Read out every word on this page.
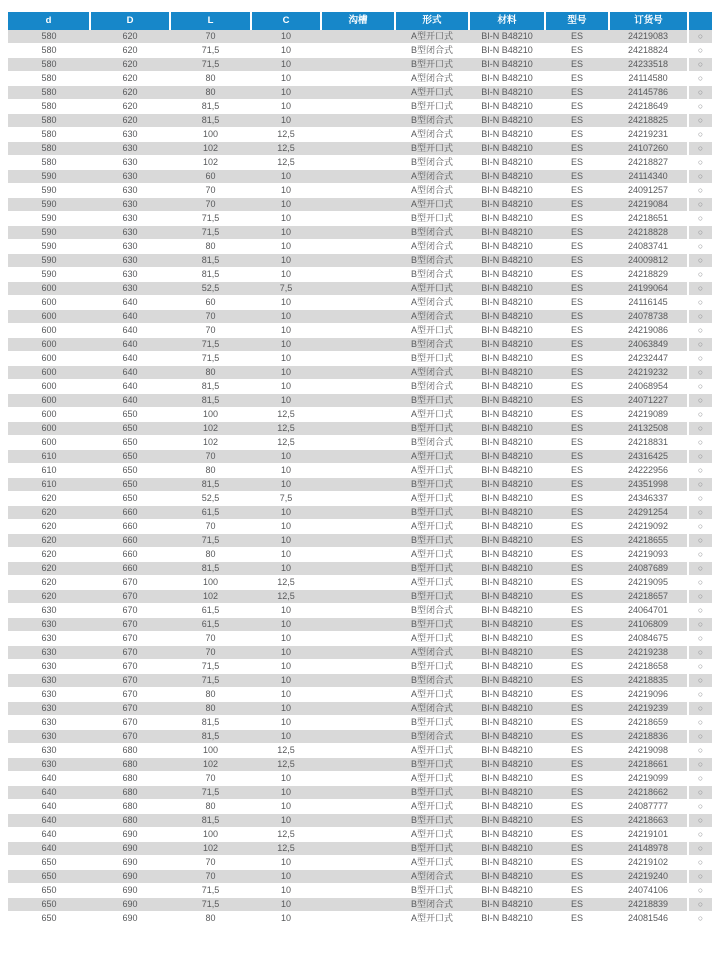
d	D	L	C	沟槽	形式	材料	型号	订货号	
580	620	70	10		A型开口式	BI-N B48210	ES	24219083	○
580	620	71,5	10		B型闭合式	BI-N B48210	ES	24218824	○
580	620	71,5	10		B型开口式	BI-N B48210	ES	24233518	○
580	620	80	10		A型闭合式	BI-N B48210	ES	24114580	○
580	620	80	10		A型开口式	BI-N B48210	ES	24145786	○
580	620	81,5	10		B型开口式	BI-N B48210	ES	24218649	○
580	620	81,5	10		B型闭合式	BI-N B48210	ES	24218825	○
580	630	100	12,5		A型闭合式	BI-N B48210	ES	24219231	○
580	630	102	12,5		B型开口式	BI-N B48210	ES	24107260	○
580	630	102	12,5		B型闭合式	BI-N B48210	ES	24218827	○
590	630	60	10		A型闭合式	BI-N B48210	ES	24114340	○
590	630	70	10		A型闭合式	BI-N B48210	ES	24091257	○
590	630	70	10		A型开口式	BI-N B48210	ES	24219084	○
590	630	71,5	10		B型开口式	BI-N B48210	ES	24218651	○
590	630	71,5	10		B型闭合式	BI-N B48210	ES	24218828	○
590	630	80	10		A型闭合式	BI-N B48210	ES	24083741	○
590	630	81,5	10		B型闭合式	BI-N B48210	ES	24009812	○
590	630	81,5	10		B型闭合式	BI-N B48210	ES	24218829	○
600	630	52,5	7,5		A型开口式	BI-N B48210	ES	24199064	○
600	640	60	10		A型闭合式	BI-N B48210	ES	24116145	○
600	640	70	10		A型闭合式	BI-N B48210	ES	24078738	○
600	640	70	10		A型开口式	BI-N B48210	ES	24219086	○
600	640	71,5	10		B型闭合式	BI-N B48210	ES	24063849	○
600	640	71,5	10		B型开口式	BI-N B48210	ES	24232447	○
600	640	80	10		A型闭合式	BI-N B48210	ES	24219232	○
600	640	81,5	10		B型闭合式	BI-N B48210	ES	24068954	○
600	640	81,5	10		B型开口式	BI-N B48210	ES	24071227	○
600	650	100	12,5		A型开口式	BI-N B48210	ES	24219089	○
600	650	102	12,5		B型开口式	BI-N B48210	ES	24132508	○
600	650	102	12,5		B型闭合式	BI-N B48210	ES	24218831	○
610	650	70	10		A型开口式	BI-N B48210	ES	24316425	○
610	650	80	10		A型开口式	BI-N B48210	ES	24222956	○
610	650	81,5	10		B型开口式	BI-N B48210	ES	24351998	○
620	650	52,5	7,5		A型开口式	BI-N B48210	ES	24346337	○
620	660	61,5	10		B型开口式	BI-N B48210	ES	24291254	○
620	660	70	10		A型开口式	BI-N B48210	ES	24219092	○
620	660	71,5	10		B型开口式	BI-N B48210	ES	24218655	○
620	660	80	10		A型开口式	BI-N B48210	ES	24219093	○
620	660	81,5	10		B型开口式	BI-N B48210	ES	24087689	○
620	670	100	12,5		A型开口式	BI-N B48210	ES	24219095	○
620	670	102	12,5		B型开口式	BI-N B48210	ES	24218657	○
630	670	61,5	10		B型闭合式	BI-N B48210	ES	24064701	○
630	670	61,5	10		B型开口式	BI-N B48210	ES	24106809	○
630	670	70	10		A型开口式	BI-N B48210	ES	24084675	○
630	670	70	10		A型闭合式	BI-N B48210	ES	24219238	○
630	670	71,5	10		B型开口式	BI-N B48210	ES	24218658	○
630	670	71,5	10		B型闭合式	BI-N B48210	ES	24218835	○
630	670	80	10		A型开口式	BI-N B48210	ES	24219096	○
630	670	80	10		A型闭合式	BI-N B48210	ES	24219239	○
630	670	81,5	10		B型开口式	BI-N B48210	ES	24218659	○
630	670	81,5	10		B型闭合式	BI-N B48210	ES	24218836	○
630	680	100	12,5		A型开口式	BI-N B48210	ES	24219098	○
630	680	102	12,5		B型开口式	BI-N B48210	ES	24218661	○
640	680	70	10		A型开口式	BI-N B48210	ES	24219099	○
640	680	71,5	10		B型开口式	BI-N B48210	ES	24218662	○
640	680	80	10		A型开口式	BI-N B48210	ES	24087777	○
640	680	81,5	10		B型开口式	BI-N B48210	ES	24218663	○
640	690	100	12,5		A型开口式	BI-N B48210	ES	24219101	○
640	690	102	12,5		B型开口式	BI-N B48210	ES	24148978	○
650	690	70	10		A型开口式	BI-N B48210	ES	24219102	○
650	690	70	10		A型闭合式	BI-N B48210	ES	24219240	○
650	690	71,5	10		B型开口式	BI-N B48210	ES	24074106	○
650	690	71,5	10		B型闭合式	BI-N B48210	ES	24218839	○
650	690	80	10		A型开口式	BI-N B48210	ES	24081546	○
